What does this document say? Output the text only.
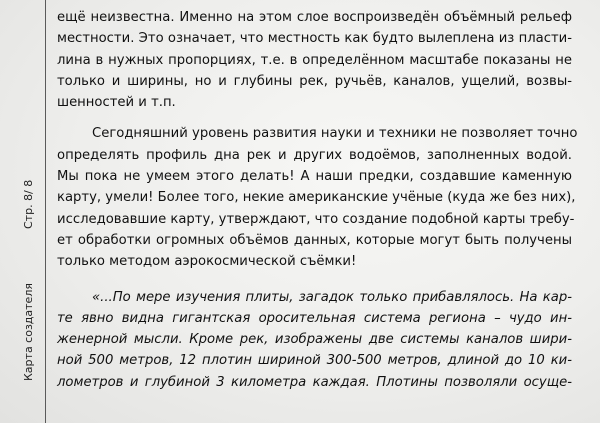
Стр. 8/ 8
Карта создателя
ещё неизвестна. Именно на этом слое воспроизведён объёмный рельеф
местности. Это означает, что местность как будто вылеплена из пласти-
лина в нужных пропорциях, т.е. в определённом масштабе показаны не
только и ширины, но и глубины рек, ручьёв, каналов, ущелий, возвы-
шенностей и т.п.
Сегодняшний уровень развития науки и техники не позволяет точно
определять профиль дна рек и других водоёмов, заполненных водой.
Мы пока не умеем этого делать! А наши предки, создавшие каменную
карту, умели! Более того, некие американские учёные (куда же без них),
исследовавшие карту, утверждают, что создание подобной карты требу-
ет обработки огромных объёмов данных, которые могут быть получены
только методом аэрокосмической съёмки!
«...По мере изучения плиты, загадок только прибавлялось. На кар-
те явно видна гигантская оросительная система региона – чудо ин-
женерной мысли. Кроме рек, изображены две системы каналов шири-
ной 500 метров, 12 плотин шириной 300-500 метров, длиной до 10 ки-
лометров и глубиной 3 километра каждая. Плотины позволяли осуще-
